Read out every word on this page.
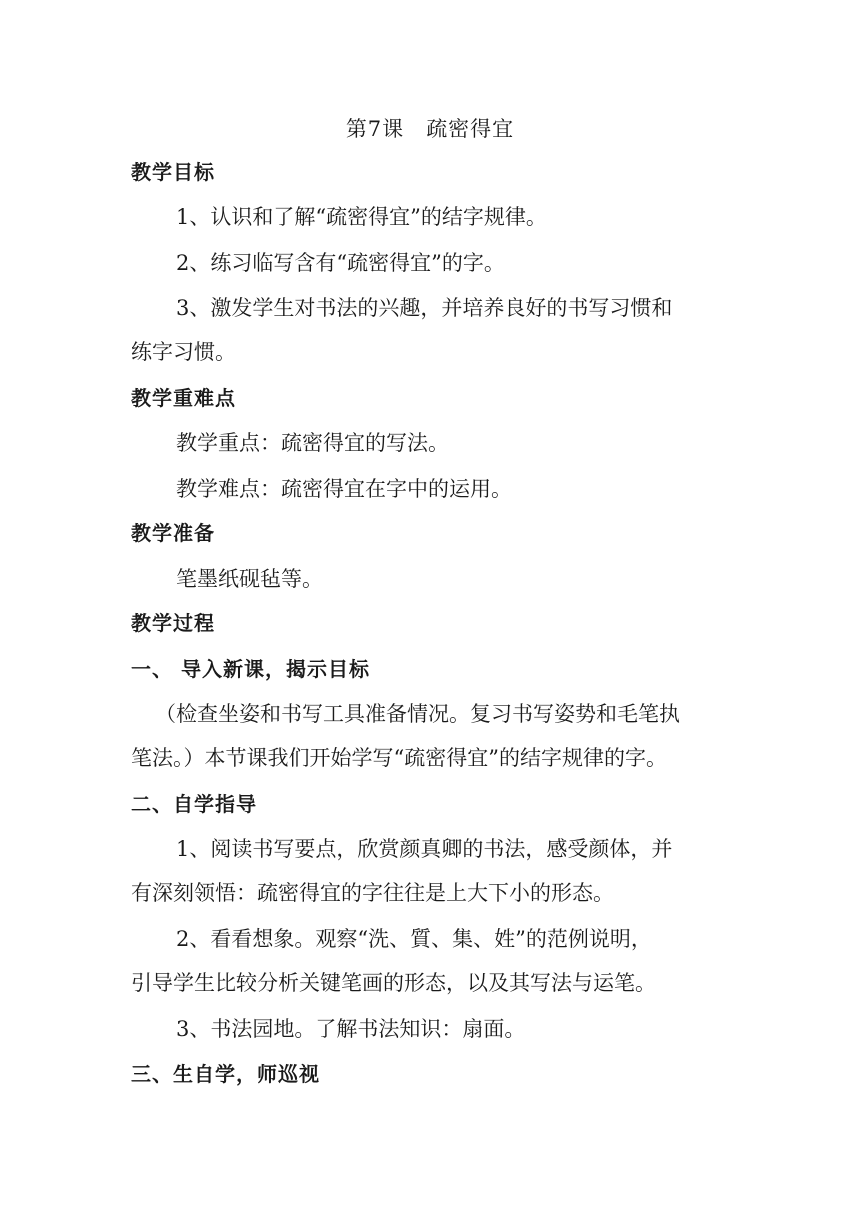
第7课 疏密得宜
教学目标
1、认识和了解“疏密得宜”的结字规律。
2、练习临写含有“疏密得宜”的字。
3、激发学生对书法的兴趣，并培养良好的书写习惯和
练字习惯。
教学重难点
教学重点：疏密得宜的写法。
教学难点：疏密得宜在字中的运用。
教学准备
笔墨纸砚毡等。
教学过程
一、 导入新课，揭示目标
（检查坐姿和书写工具准备情况。复习书写姿势和毛笔执
笔法。）本节课我们开始学写“疏密得宜”的结字规律的字。
二、自学指导
1、阅读书写要点，欣赏颜真卿的书法，感受颜体，并
有深刻领悟：疏密得宜的字往往是上大下小的形态。
2、看看想象。观察“洗、質、集、姓”的范例说明，
引导学生比较分析关键笔画的形态，以及其写法与运笔。
3、书法园地。了解书法知识：扇面。
三、生自学，师巡视
